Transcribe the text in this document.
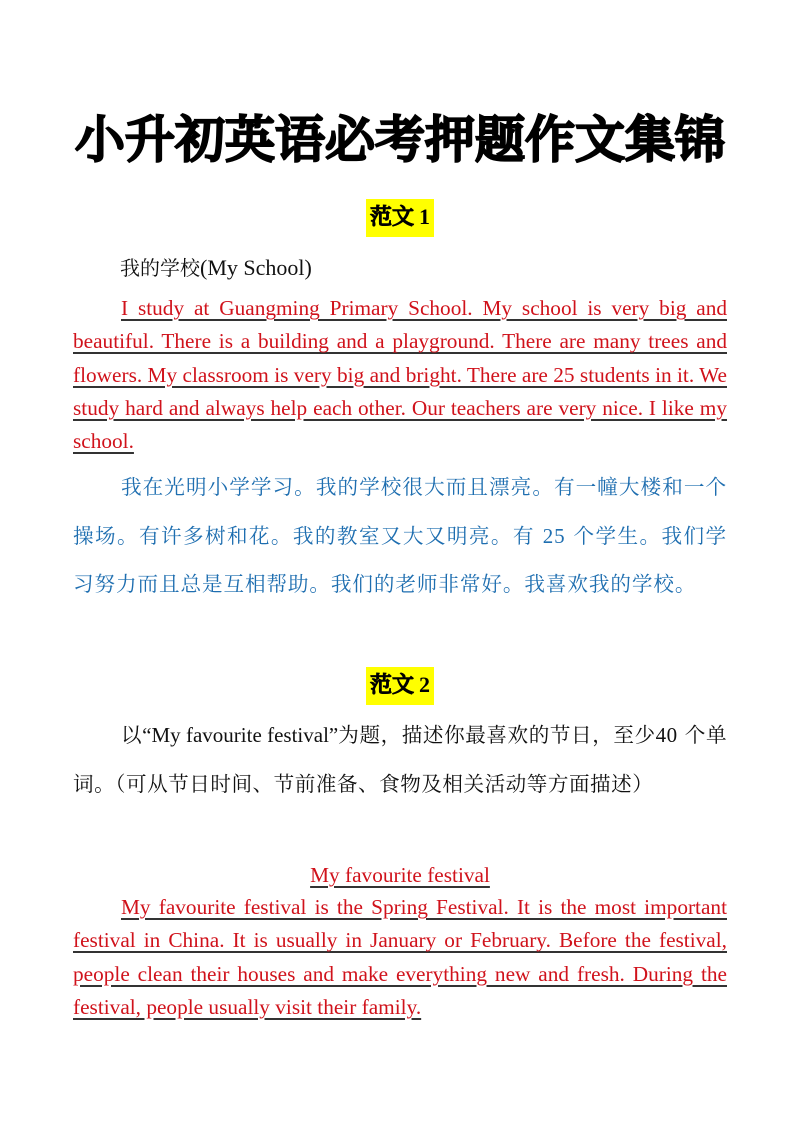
小升初英语必考押题作文集锦
范文 1
我的学校(My School)
I study at Guangming Primary School. My school is very big and beautiful. There is a building and a playground. There are many trees and flowers. My classroom is very big and bright. There are 25 students in it. We study hard and always help each other. Our teachers are very nice. I like my school.
我在光明小学学习。我的学校很大而且漂亮。有一幢大楼和一个操场。有许多树和花。我的教室又大又明亮。有 25 个学生。我们学习努力而且总是互相帮助。我们的老师非常好。我喜欢我的学校。
范文 2
以“My favourite festival”为题，描述你最喜欢的节日，至少40 个单词。（可从节日时间、节前准备、食物及相关活动等方面描述）
My favourite festival
My favourite festival is the Spring Festival. It is the most important festival in China. It is usually in January or February. Before the festival, people clean their houses and make everything new and fresh. During the festival, people usually visit their family.
